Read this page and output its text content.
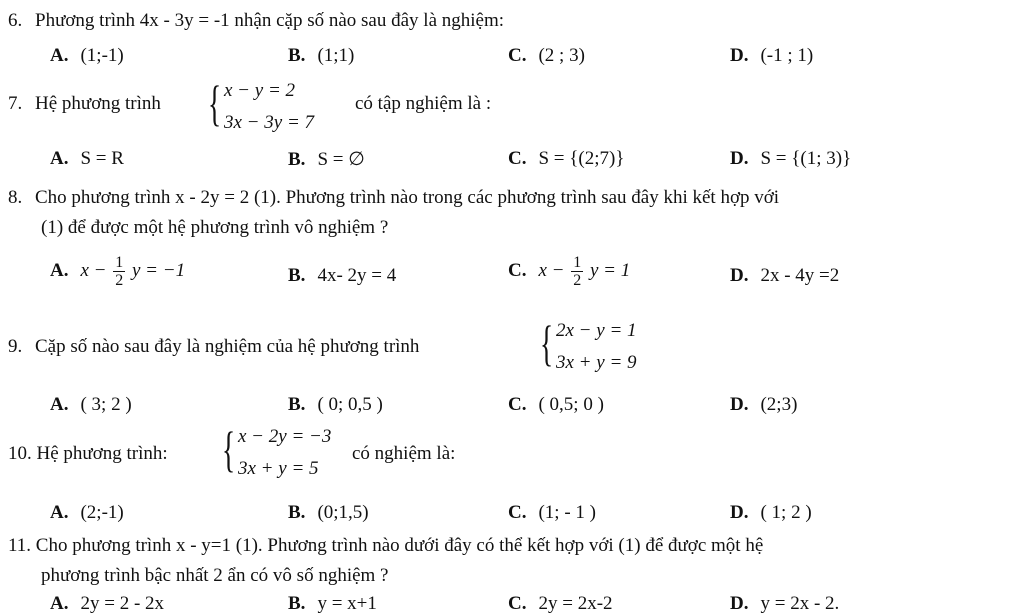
6. Phương trình 4x - 3y = -1 nhận cặp số nào sau đây là nghiệm:
A. (1;-1)	B. (1;1)	C. (2 ; 3)	D. (-1 ; 1)
7. Hệ phương trình { x − y = 2
3x − 3y = 7
có tập nghiệm là :
A. S = R	B. S = ∅	C. S = {(2;7)}	D. S = {(1; 3)}
8. Cho phương trình x - 2y = 2 (1). Phương trình nào trong các phương trình sau đây khi kết hợp với
(1) để được một hệ phương trình vô nghiệm ?
A. $x - \frac{1}{2}$ y = −1	B. 4x- 2y = 4	C. $x - \frac{1}{2}$ y = 1	D. 2x - 4y =2
9. Cặp số nào sau đây là nghiệm của hệ phương trình { 2x − y = 1
3x + y = 9
A. ( 3; 2 )	B. ( 0; 0,5 )	C. ( 0,5; 0 )	D. (2;3)
10. Hệ phương trình: { x − 2y = −3
3x + y = 5
có nghiệm là:
A. (2;-1)	B. (0;1,5)	C. (1; - 1 )	D. ( 1; 2 )
11. Cho phương trình x - y=1 (1). Phương trình nào dưới đây có thể kết hợp với (1) để được một hệ
phương trình bậc nhất 2 ẩn có vô số nghiệm ?
A. 2y = 2 - 2x	B. y = x+1	C. 2y = 2x-2	D. y = 2x - 2.
